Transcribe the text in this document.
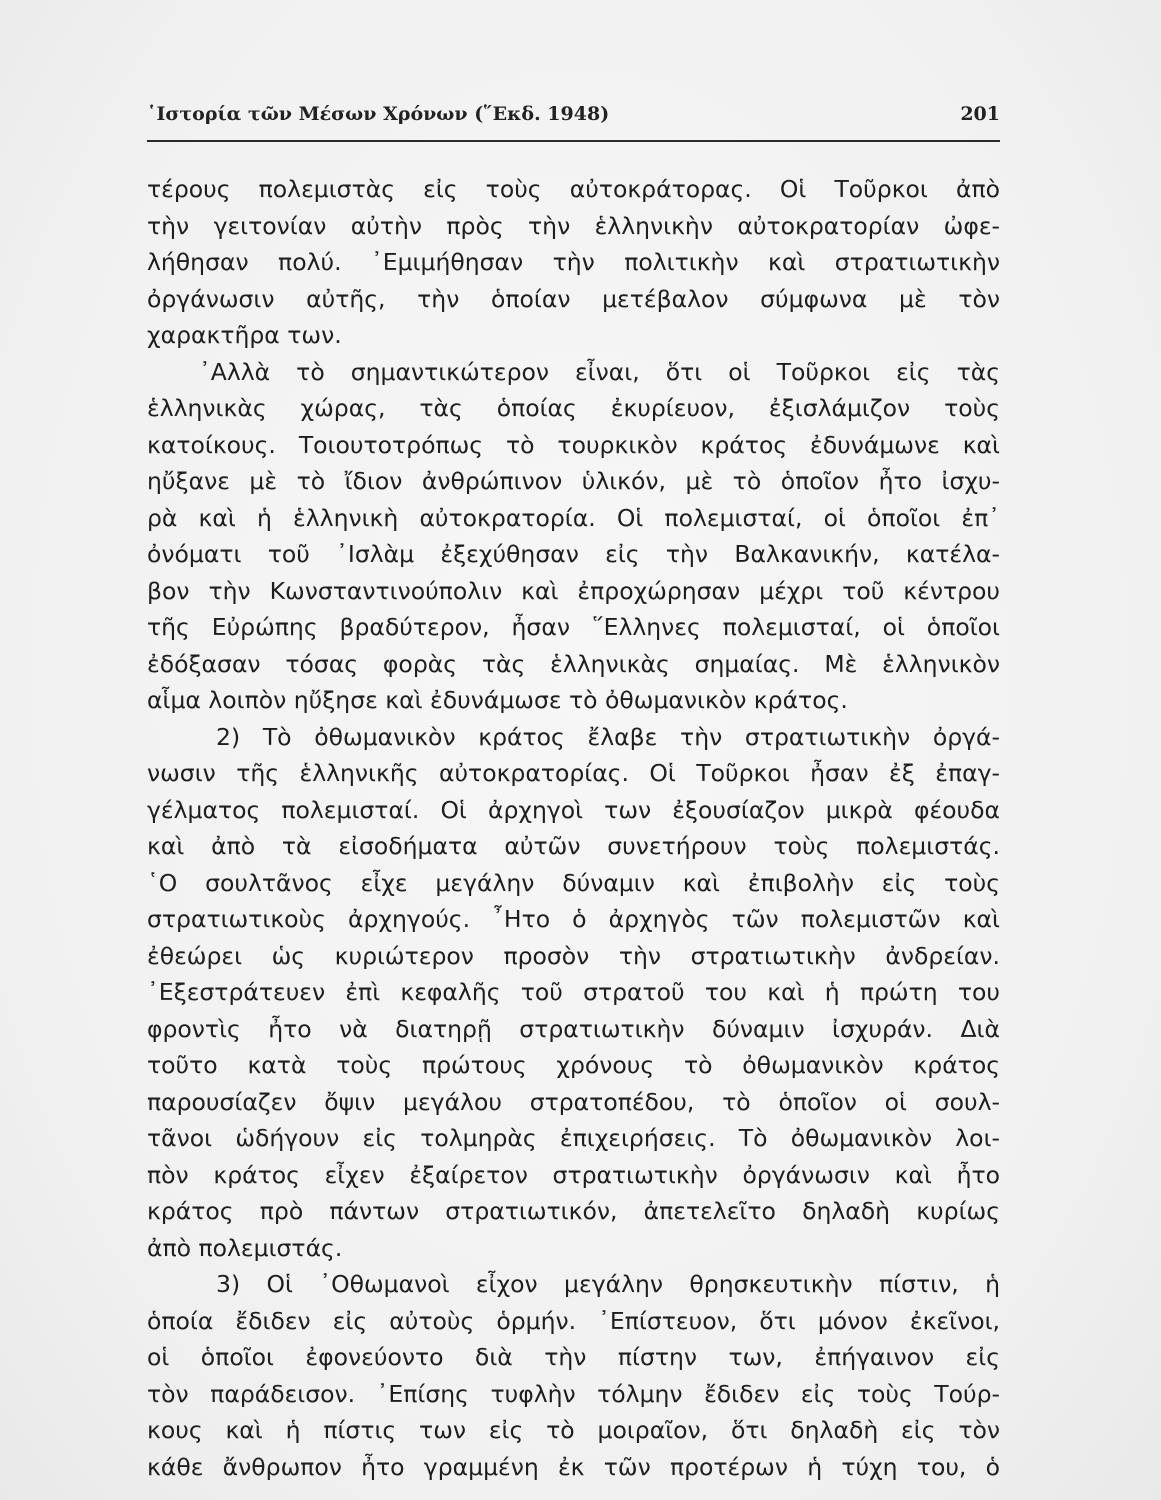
῾Ιστορία τῶν Μέσων Χρόνων (῞Εκδ. 1948)	201
τέρους πολεμιστὰς εἰς τοὺς αὐτοκράτορας. Οἱ Τοῦρκοι ἀπὸ
τὴν γειτονίαν αὐτὴν πρὸς τὴν ἑλληνικὴν αὐτοκρατορίαν ὠφε-
λήθησαν πολύ. ᾿Εμιμήθησαν τὴν πολιτικὴν καὶ στρατιωτικὴν
ὀργάνωσιν αὐτῆς, τὴν ὁποίαν μετέβαλον σύμφωνα μὲ τὸν
χαρακτῆρα των.
᾿Αλλὰ τὸ σημαντικώτερον εἶναι, ὅτι οἱ Τοῦρκοι εἰς τὰς
ἑλληνικὰς χώρας, τὰς ὁποίας ἐκυρίευον, ἐξισλάμιζον τοὺς
κατοίκους. Τοιουτοτρόπως τὸ τουρκικὸν κράτος ἐδυνάμωνε καὶ
ηὔξανε μὲ τὸ ἴδιον ἀνθρώπινον ὑλικόν, μὲ τὸ ὁποῖον ἦτο ἰσχυ-
ρὰ καὶ ἡ ἑλληνικὴ αὐτοκρατορία. Οἱ πολεμισταί, οἱ ὁποῖοι ἐπ᾿
ὀνόματι τοῦ ᾿Ισλὰμ ἐξεχύθησαν εἰς τὴν Βαλκανικήν, κατέλα-
βον τὴν Κωνσταντινούπολιν καὶ ἐπροχώρησαν μέχρι τοῦ κέντρου
τῆς Εὐρώπης βραδύτερον, ἦσαν ῞Ελληνες πολεμισταί, οἱ ὁποῖοι
ἐδόξασαν τόσας φορὰς τὰς ἑλληνικὰς σημαίας. Μὲ ἑλληνικὸν
αἷμα λοιπὸν ηὔξησε καὶ ἐδυνάμωσε τὸ ὀθωμανικὸν κράτος.
2) Τὸ ὀθωμανικὸν κράτος ἔλαβε τὴν στρατιωτικὴν ὀργά-
νωσιν τῆς ἑλληνικῆς αὐτοκρατορίας. Οἱ Τοῦρκοι ἦσαν ἐξ ἐπαγ-
γέλματος πολεμισταί. Οἱ ἀρχηγοὶ των ἐξουσίαζον μικρὰ φέουδα
καὶ ἀπὸ τὰ εἰσοδήματα αὐτῶν συνετήρουν τοὺς πολεμιστάς.
῾Ο σουλτᾶνος εἶχε μεγάλην δύναμιν καὶ ἐπιβολὴν εἰς τοὺς
στρατιωτικοὺς ἀρχηγούς. ῏Ητο ὁ ἀρχηγὸς τῶν πολεμιστῶν καὶ
ἐθεώρει ὡς κυριώτερον προσὸν τὴν στρατιωτικὴν ἀνδρείαν.
᾿Εξεστράτευεν ἐπὶ κεφαλῆς τοῦ στρατοῦ του καὶ ἡ πρώτη του
φροντὶς ἦτο νὰ διατηρῇ στρατιωτικὴν δύναμιν ἰσχυράν. Διὰ
τοῦτο κατὰ τοὺς πρώτους χρόνους τὸ ὀθωμανικὸν κράτος
παρουσίαζεν ὄψιν μεγάλου στρατοπέδου, τὸ ὁποῖον οἱ σουλ-
τᾶνοι ὡδήγουν εἰς τολμηρὰς ἐπιχειρήσεις. Τὸ ὀθωμανικὸν λοι-
πὸν κράτος εἶχεν ἐξαίρετον στρατιωτικὴν ὀργάνωσιν καὶ ἦτο
κράτος πρὸ πάντων στρατιωτικόν, ἀπετελεῖτο δηλαδὴ κυρίως
ἀπὸ πολεμιστάς.
3) Οἱ ᾿Οθωμανοὶ εἶχον μεγάλην θρησκευτικὴν πίστιν, ἡ
ὁποία ἔδιδεν εἰς αὐτοὺς ὁρμήν. ᾿Επίστευον, ὅτι μόνον ἐκεῖνοι,
οἱ ὁποῖοι ἐφονεύοντο διὰ τὴν πίστην των, ἐπήγαινον εἰς
τὸν παράδεισον. ᾿Επίσης τυφλὴν τόλμην ἔδιδεν εἰς τοὺς Τούρ-
κους καὶ ἡ πίστις των εἰς τὸ μοιραῖον, ὅτι δηλαδὴ εἰς τὸν
κάθε ἄνθρωπον ἦτο γραμμένη ἐκ τῶν προτέρων ἡ τύχη του, ὁ
